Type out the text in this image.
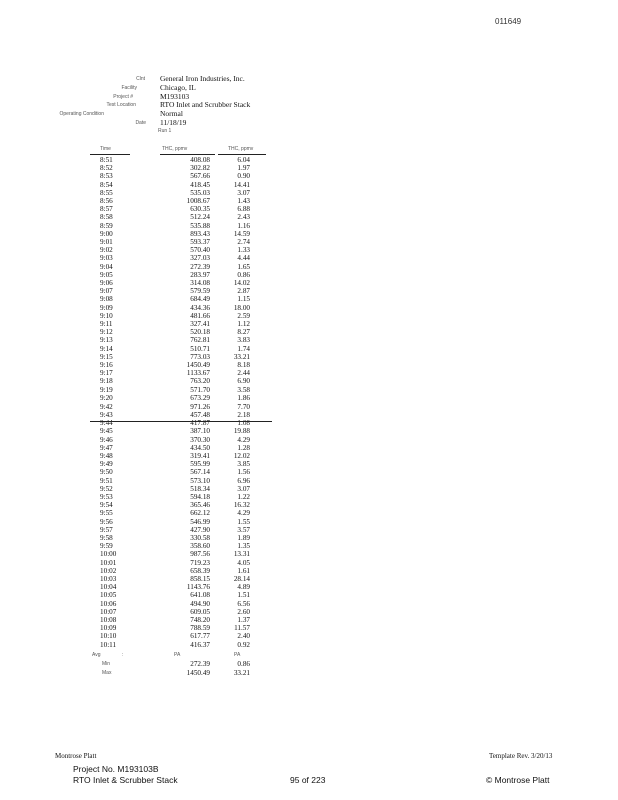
011649
Clnt General Iron Industries, Inc.
Facility	Chicago, IL
Project #	M193103
Test Location	RTO Inlet and Scrubber Stack
Operating Condition	Normal
Date 11/18/19
Run 1
Time	THC, ppmv	THC, ppmv
8:51	408.08	6.04
8:52	302.82	1.97
8:53	567.66	0.90
8:54	418.45	14.41
8:55	535.03	3.07
8:56	1008.67	1.43
8:57	630.35	6.88
8:58	512.24	2.43
8:59	535.88	1.16
9:00	893.43	14.59
9:01	593.37	2.74
9:02	570.40	1.33
9:03	327.03	4.44
9:04	272.39	1.65
9:05	283.97	0.86
9:06	314.08	14.02
9:07	579.59	2.87
9:08	684.49	1.15
9:09	434.36	18.00
9:10	481.66	2.59
9:11	327.41	1.12
9:12	520.18	8.27
9:13	762.81	3.83
9:14	510.71	1.74
9:15	773.03	33.21
9:16	1450.49	8.18
9:17	1133.67	2.44
9:18	763.20	6.90
9:19	571.70	3.58
9:20	673.29	1.86
9:42	971.26	7.70
9:43	457.48	2.18
9:44	417.87	1.08
9:45	387.10	19.88
9:46	370.30	4.29
9:47	434.50	1.28
9:48	319.41	12.02
9:49	595.99	3.85
9:50	567.14	1.56
9:51	573.10	6.96
9:52	518.34	3.07
9:53	594.18	1.22
9:54	365.46	16.32
9:55	662.12	4.29
9:56	546.99	1.55
9:57	427.90	3.57
9:58	330.58	1.89
9:59	358.60	1.35
10:00	987.56	13.31
10:01	719.23	4.05
10:02	658.39	1.61
10:03	858.15	28.14
10:04	1143.76	4.89
10:05	641.08	1.51
10:06	494.90	6.56
10:07	609.05	2.60
10:08	748.20	1.37
10:09	788.59	11.57
10:10	617.77	2.40
10:11	416.37	0.92
Avg	:	PA	PA
Min	272.39	0.86
Max	1450.49	33.21
Montrose Platt	Template Rev. 3/20/13
Project No. M193103B
RTO Inlet & Scrubber Stack	95 of 223	© Montrose Platt
